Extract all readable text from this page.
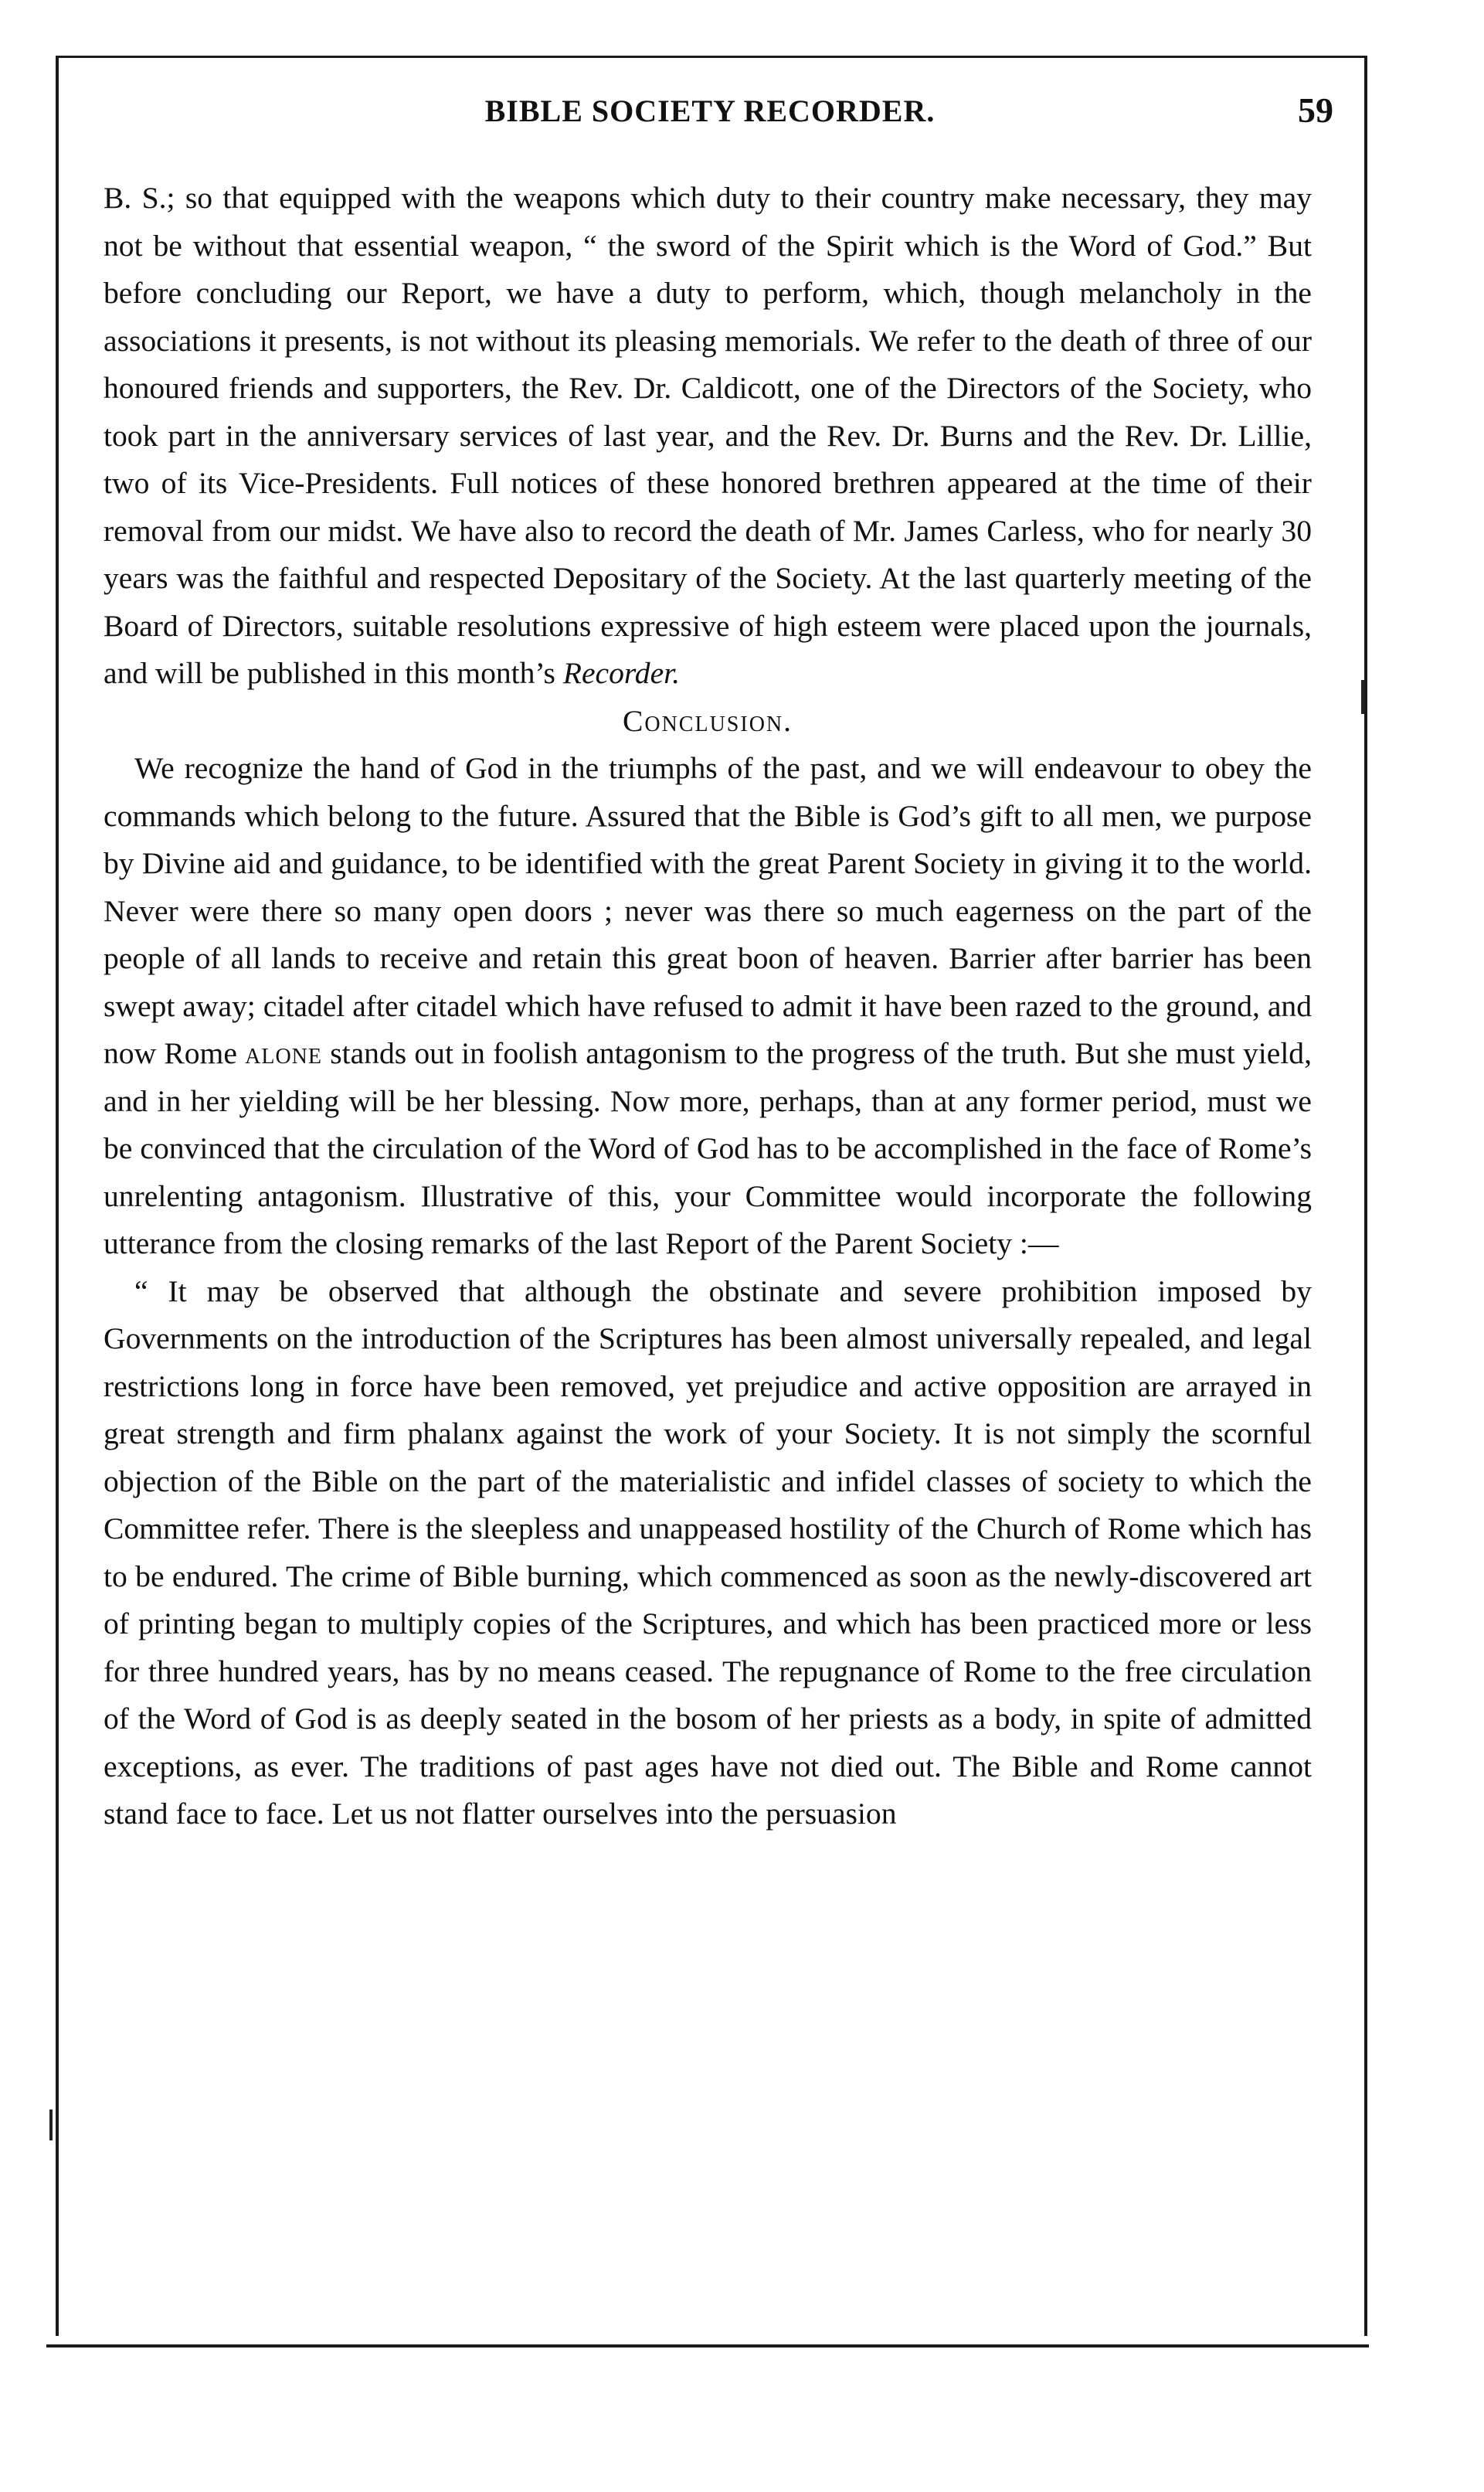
BIBLE SOCIETY RECORDER.	59

B. S.; so that equipped with the weapons which duty to their country make necessary, they may not be without that essential weapon, “ the sword of the Spirit which is the Word of God.” But before concluding our Report, we have a duty to perform, which, though melancholy in the associations it presents, is not without its pleasing memorials. We refer to the death of three of our honoured friends and supporters, the Rev. Dr. Caldicott, one of the Directors of the Society, who took part in the anniversary services of last year, and the Rev. Dr. Burns and the Rev. Dr. Lillie, two of its Vice-Presidents. Full notices of these honored brethren appeared at the time of their removal from our midst. We have also to record the death of Mr. James Carless, who for nearly 30 years was the faithful and respected Depositary of the Society. At the last quarterly meeting of the Board of Directors, suitable resolutions expressive of high esteem were placed upon the journals, and will be published in this month’s Recorder.

Conclusion.

We recognize the hand of God in the triumphs of the past, and we will endeavour to obey the commands which belong to the future. Assured that the Bible is God’s gift to all men, we purpose by Divine aid and guidance, to be identified with the great Parent Society in giving it to the world. Never were there so many open doors ; never was there so much eagerness on the part of the people of all lands to receive and retain this great boon of heaven. Barrier after barrier has been swept away; citadel after citadel which have refused to admit it have been razed to the ground, and now Rome alone stands out in foolish antagonism to the progress of the truth. But she must yield, and in her yielding will be her blessing. Now more, perhaps, than at any former period, must we be convinced that the circulation of the Word of God has to be accomplished in the face of Rome’s unrelenting antagonism. Illustrative of this, your Committee would incorporate the following utterance from the closing remarks of the last Report of the Parent Society :—

“ It may be observed that although the obstinate and severe prohibition imposed by Governments on the introduction of the Scriptures has been almost universally repealed, and legal restrictions long in force have been removed, yet prejudice and active opposition are arrayed in great strength and firm phalanx against the work of your Society. It is not simply the scornful objection of the Bible on the part of the materialistic and infidel classes of society to which the Committee refer. There is the sleepless and unappeased hostility of the Church of Rome which has to be endured. The crime of Bible burning, which commenced as soon as the newly-discovered art of printing began to multiply copies of the Scriptures, and which has been practiced more or less for three hundred years, has by no means ceased. The repugnance of Rome to the free circulation of the Word of God is as deeply seated in the bosom of her priests as a body, in spite of admitted exceptions, as ever. The traditions of past ages have not died out. The Bible and Rome cannot stand face to face. Let us not flatter ourselves into the persuasion
